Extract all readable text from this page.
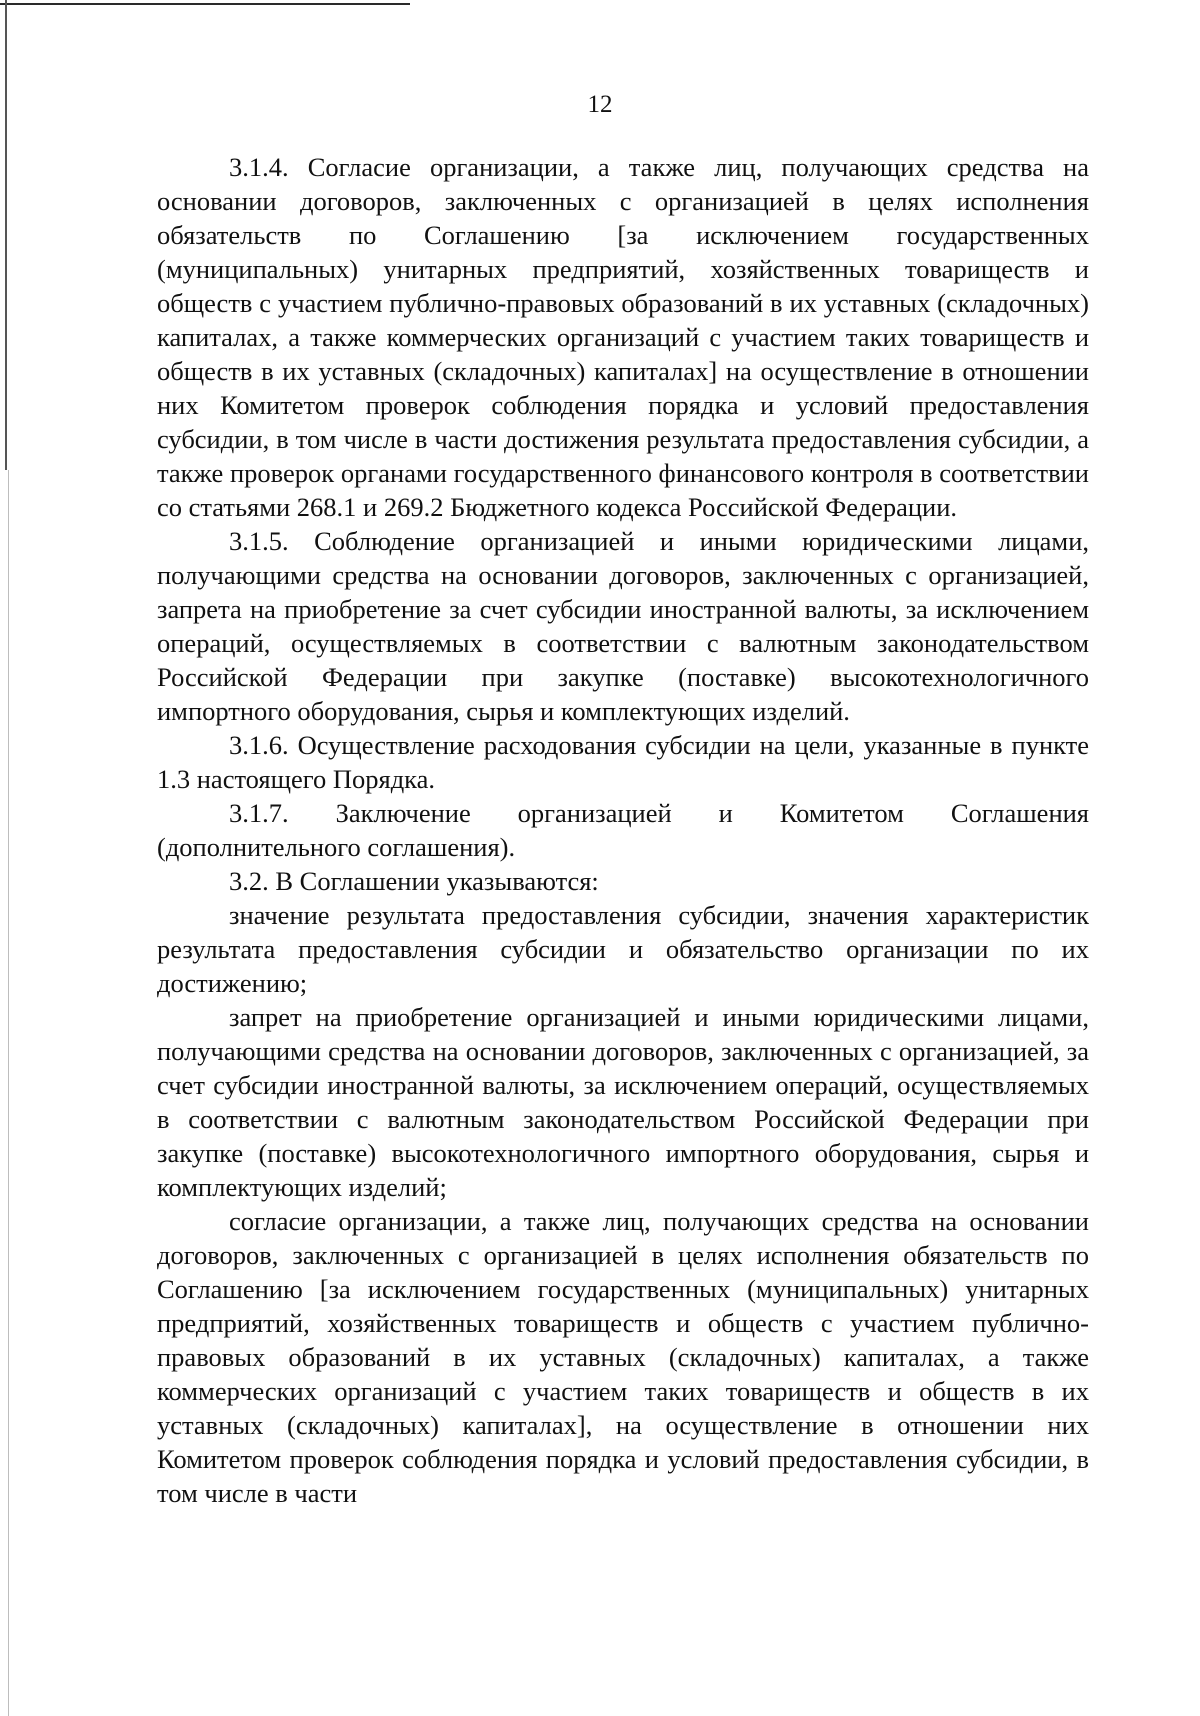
12

3.1.4. Согласие организации, а также лиц, получающих средства на основании договоров, заключенных с организацией в целях исполнения обязательств по Соглашению [за исключением государственных (муниципальных) унитарных предприятий, хозяйственных товариществ и обществ с участием публично-правовых образований в их уставных (складочных) капиталах, а также коммерческих организаций с участием таких товариществ и обществ в их уставных (складочных) капиталах] на осуществление в отношении них Комитетом проверок соблюдения порядка и условий предоставления субсидии, в том числе в части достижения результата предоставления субсидии, а также проверок органами государственного финансового контроля в соответствии со статьями 268.1 и 269.2 Бюджетного кодекса Российской Федерации.

3.1.5. Соблюдение организацией и иными юридическими лицами, получающими средства на основании договоров, заключенных с организацией, запрета на приобретение за счет субсидии иностранной валюты, за исключением операций, осуществляемых в соответствии с валютным законодательством Российской Федерации при закупке (поставке) высокотехнологичного импортного оборудования, сырья и комплектующих изделий.

3.1.6. Осуществление расходования субсидии на цели, указанные в пункте 1.3 настоящего Порядка.

3.1.7. Заключение организацией и Комитетом Соглашения (дополнительного соглашения).

3.2. В Соглашении указываются:

значение результата предоставления субсидии, значения характеристик результата предоставления субсидии и обязательство организации по их достижению;

запрет на приобретение организацией и иными юридическими лицами, получающими средства на основании договоров, заключенных с организацией, за счет субсидии иностранной валюты, за исключением операций, осуществляемых в соответствии с валютным законодательством Российской Федерации при закупке (поставке) высокотехнологичного импортного оборудования, сырья и комплектующих изделий;

согласие организации, а также лиц, получающих средства на основании договоров, заключенных с организацией в целях исполнения обязательств по Соглашению [за исключением государственных (муниципальных) унитарных предприятий, хозяйственных товариществ и обществ с участием публично-правовых образований в их уставных (складочных) капиталах, а также коммерческих организаций с участием таких товариществ и обществ в их уставных (складочных) капиталах], на осуществление в отношении них Комитетом проверок соблюдения порядка и условий предоставления субсидии, в том числе в части
